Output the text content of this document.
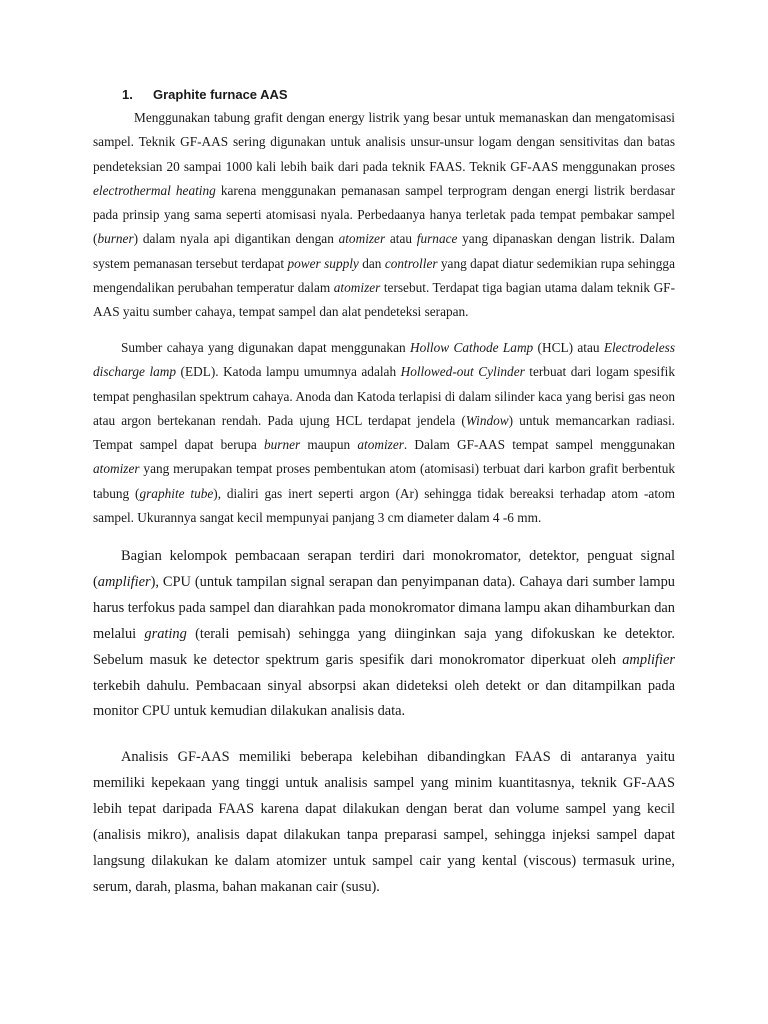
1. Graphite furnace AAS

Menggunakan tabung grafit dengan energy listrik yang besar untuk memanaskan dan mengatomisasi sampel. Teknik GF-AAS sering digunakan untuk analisis unsur-unsur logam dengan sensitivitas dan batas pendeteksian 20 sampai 1000 kali lebih baik dari pada teknik FAAS. Teknik GF-AAS menggunakan proses electrothermal heating karena menggunakan pemanasan sampel terprogram dengan energi listrik berdasar pada prinsip yang sama seperti atomisasi nyala. Perbedaanya hanya terletak pada tempat pembakar sampel (burner) dalam nyala api digantikan dengan atomizer atau furnace yang dipanaskan dengan listrik. Dalam system pemanasan tersebut terdapat power supply dan controller yang dapat diatur sedemikian rupa sehingga mengendalikan perubahan temperatur dalam atomizer tersebut. Terdapat tiga bagian utama dalam teknik GF-AAS yaitu sumber cahaya, tempat sampel dan alat pendeteksi serapan.

Sumber cahaya yang digunakan dapat menggunakan Hollow Cathode Lamp (HCL) atau Electrodeless discharge lamp (EDL). Katoda lampu umumnya adalah Hollowed-out Cylinder terbuat dari logam spesifik tempat penghasilan spektrum cahaya. Anoda dan Katoda terlapisi di dalam silinder kaca yang berisi gas neon atau argon bertekanan rendah. Pada ujung HCL terdapat jendela (Window) untuk memancarkan radiasi. Tempat sampel dapat berupa burner maupun atomizer. Dalam GF-AAS tempat sampel menggunakan atomizer yang merupakan tempat proses pembentukan atom (atomisasi) terbuat dari karbon grafit berbentuk tabung (graphite tube), dialiri gas inert seperti argon (Ar) sehingga tidak bereaksi terhadap atom -atom sampel. Ukurannya sangat kecil mempunyai panjang 3 cm diameter dalam 4 -6 mm.

Bagian kelompok pembacaan serapan terdiri dari monokromator, detektor, penguat signal (amplifier), CPU (untuk tampilan signal serapan dan penyimpanan data). Cahaya dari sumber lampu harus terfokus pada sampel dan diarahkan pada monokromator dimana lampu akan dihamburkan dan melalui grating (terali pemisah) sehingga yang diinginkan saja yang difokuskan ke detektor. Sebelum masuk ke detector spektrum garis spesifik dari monokromator diperkuat oleh amplifier terkebih dahulu. Pembacaan sinyal absorpsi akan dideteksi oleh detekt or dan ditampilkan pada monitor CPU untuk kemudian dilakukan analisis data.

Analisis GF-AAS memiliki beberapa kelebihan dibandingkan FAAS di antaranya yaitu memiliki kepekaan yang tinggi untuk analisis sampel yang minim kuantitasnya, teknik GF-AAS lebih tepat daripada FAAS karena dapat dilakukan dengan berat dan volume sampel yang kecil (analisis mikro), analisis dapat dilakukan tanpa preparasi sampel, sehingga injeksi sampel dapat langsung dilakukan ke dalam atomizer untuk sampel cair yang kental (viscous) termasuk urine, serum, darah, plasma, bahan makanan cair (susu).
